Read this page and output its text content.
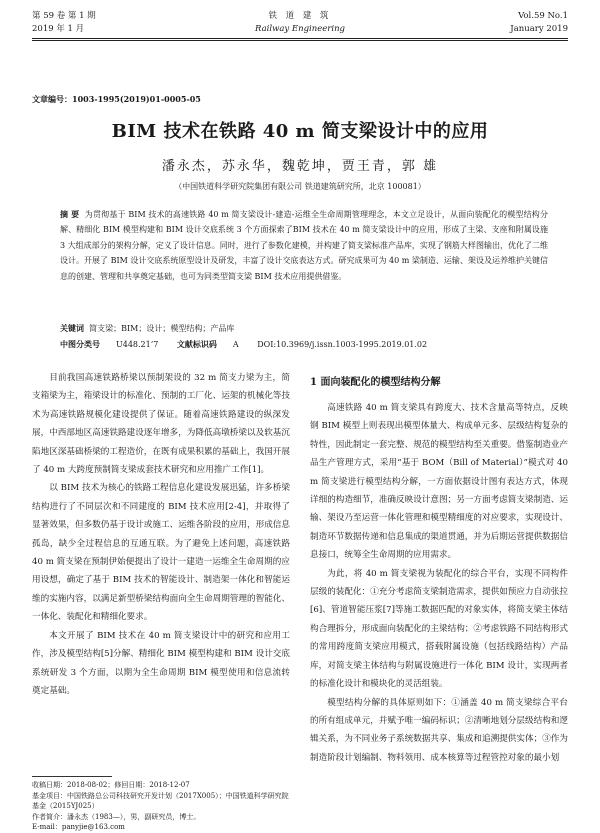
第 59 卷 第 1 期
2019 年 1 月
铁 道 建 筑
Railway Engineering
Vol.59 No.1
January 2019
文章编号：1003-1995(2019)01-0005-05
BIM 技术在铁路 40 m 简支梁设计中的应用
潘永杰，苏永华，魏乾坤，贾王青，郭 雄
（中国铁道科学研究院集团有限公司 铁道建筑研究所，北京 100081）
摘 要 为贯彻基于 BIM 技术的高速铁路 40 m 简支梁设计-建造-运维全生命周期管理理念，本文立足设计，从面向装配化的模型结构分解、精细化 BIM 模型构建和 BIM 设计交底系统 3 个方面探索了BIM 技术在 40 m 简支梁设计中的应用，形成了主梁、支座和附属设施 3 大组成部分的架构分解，定义了设计信息。同时，进行了参数化建模，并构建了简支梁标准产品库，实现了钢筋大样图输出，优化了二维设计。开展了 BIM 设计交底系统原型设计及研发，丰富了设计交底表达方式。研究成果可为 40 m 梁制造、运输、架设及运养维护关键信息的创建、管理和共享奠定基础，也可为同类型简支梁 BIM 技术应用提供借鉴。
关键词 简支梁；BIM；设计；模型结构；产品库
中图分类号 U448.21’7 文献标识码 A DOI:10.3969/j.issn.1003-1995.2019.01.02

目前我国高速铁路桥梁以预制架设的 32 m 简支力梁为主，简支箱梁为主，箱梁设计的标准化、预制的工厂化、运架的机械化等技术为高速铁路规模化建设提供了保证。随着高速铁路建设的纵深发展，中西部地区高速铁路建设逐年增多，为降低高墩桥梁以及软基沉陷地区深基础桥梁的工程造价，在既有成果积累的基础上，我国开展了 40 m 大跨度预制简支梁成套技术研究和应用推广工作[1]。

以 BIM 技术为核心的铁路工程信息化建设发展迅猛，许多桥梁结构进行了不同层次和不同建度的 BIM 技术应用[2-4]，并取得了显著效果，但多数仍基于设计或施工、运维各阶段的应用，形成信息孤岛，缺少全过程信息的互通互联。为了避免上述问题，高速铁路 40 m 简支梁在预制伊始便提出了设计一建造一运维全生命周期的应用设想，确定了基于 BIM 技术的智能设计、制造架一体化和智能运维的实施内容，以满足新型桥梁结构面向全生命周期管理的智能化、一体化、装配化和精细化要求。

本文开展了 BIM 技术在 40 m 简支梁设计中的研究和应用工作，涉及模型结构[5]分解、精细化 BIM 模型构建和 BIM 设计交底系统研发 3 个方面，以期为全生命周期 BIM 模型使用和信息流转奠定基础。

收稿日期：2018-08-02；修回日期：2018-12-07
基金项目：中国铁路总公司科技研究开发计划（2017X005）；中国铁道科学研究院基金（2015YJ025）
作者简介：潘永杰（1983—），男，副研究员，博士。
E-mail：panyjie@163.com
1 面向装配化的模型结构分解

高速铁路 40 m 简支梁具有跨度大、技术含量高等特点，反映钢 BIM 模型上则表现出模型体量大、构成单元多、层级结构复杂的特性，因此制定一套完整、规范的模型结构至关重要。借鉴制造业产品生产管理方式，采用“基于 BOM（Bill of Material）”模式对 40 m 简支梁进行模型结构分解，一方面依据设计图有表达方式，体现详细的构造细节，准确反映设计意图；另一方面考虑简支梁制造、运输、架设乃至运营一体化管理和模型精细度的对应要求，实现设计、制造环节数据传递和信息集成的渠道贯通，并为后期运营提供数据信息接口，统筹全生命周期的应用需求。

为此，将 40 m 简支梁视为装配化的综合平台，实现不同构件层级的装配化：①充分考虑简支梁制造需求，提供如预应力自动张拉[6]、管道智能压浆[7]等施工数据匹配的对象实体，将简支梁主体结构合理拆分，形成面向装配化的主梁结构；②考虑铁路不同结构形式的常用跨度简支梁应用模式，搭载附属设施（包括线路结构）产品库，对简支梁主体结构与附属设施进行一体化 BIM 设计，实现两者的标准化设计和模块化的灵活组装。

模型结构分解的具体原则如下：①涵盖 40 m 简支梁综合平台的所有组成单元，并赋予唯一编码标识；②清晰地划分层级结构和逻辑关系，为不同业务子系统数据共享、集成和追溯提供实体；③作为制造阶段计划编制、物料领用、成本核算等过程管控对象的最小划
